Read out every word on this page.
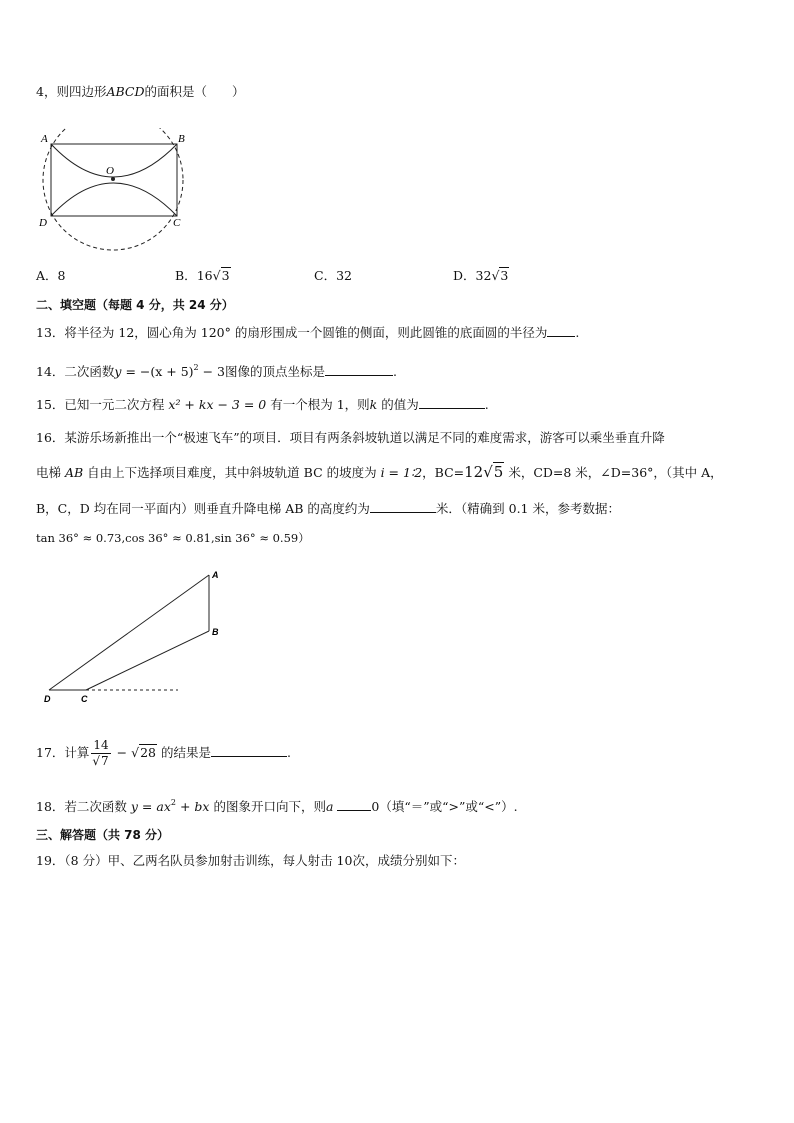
4，则四边形ABCD的面积是（　　）
A	B
C
D
O
A．8	B．16√3	C．32	D．32√3
二、填空题（每题 4 分，共 24 分）
13．将半径为 12，圆心角为 120° 的扇形围成一个圆锥的侧面，则此圆锥的底面圆的半径为 .
14．二次函数$y = -(x + 5)^2 - 3$图像的顶点坐标是	.
15．已知一元二次方程 x² + kx − 3 = 0 有一个根为 1，则k 的值为	.
16．某游乐场新推出一个“极速飞车”的项目．项目有两条斜坡轨道以满足不同的难度需求，游客可以乘坐垂直升降
电梯 AB 自由上下选择项目难度，其中斜坡轨道 BC 的坡度为 i = 1∶2，BC=12√5 米，CD=8 米，∠D=36°，（其中 A，
B，C，D 均在同一平面内）则垂直升降电梯 AB 的高度约为	米．（精确到 0.1 米，参考数据：
tan 36° ≈ 0.73,cos 36° ≈ 0.81,sin 36° ≈ 0.59）
A
B
C
D
17．计算 $\frac{14}{√7} - √28$ 的结果是	.
18．若二次函数 $y = ax^2$ + bx 的图象开口向下，则a	0（填“＝”或“>”或“<”）.
三、解答题（共 78 分）
19．（8 分）甲、乙两名队员参加射击训练，每人射击 10次，成绩分别如下：
